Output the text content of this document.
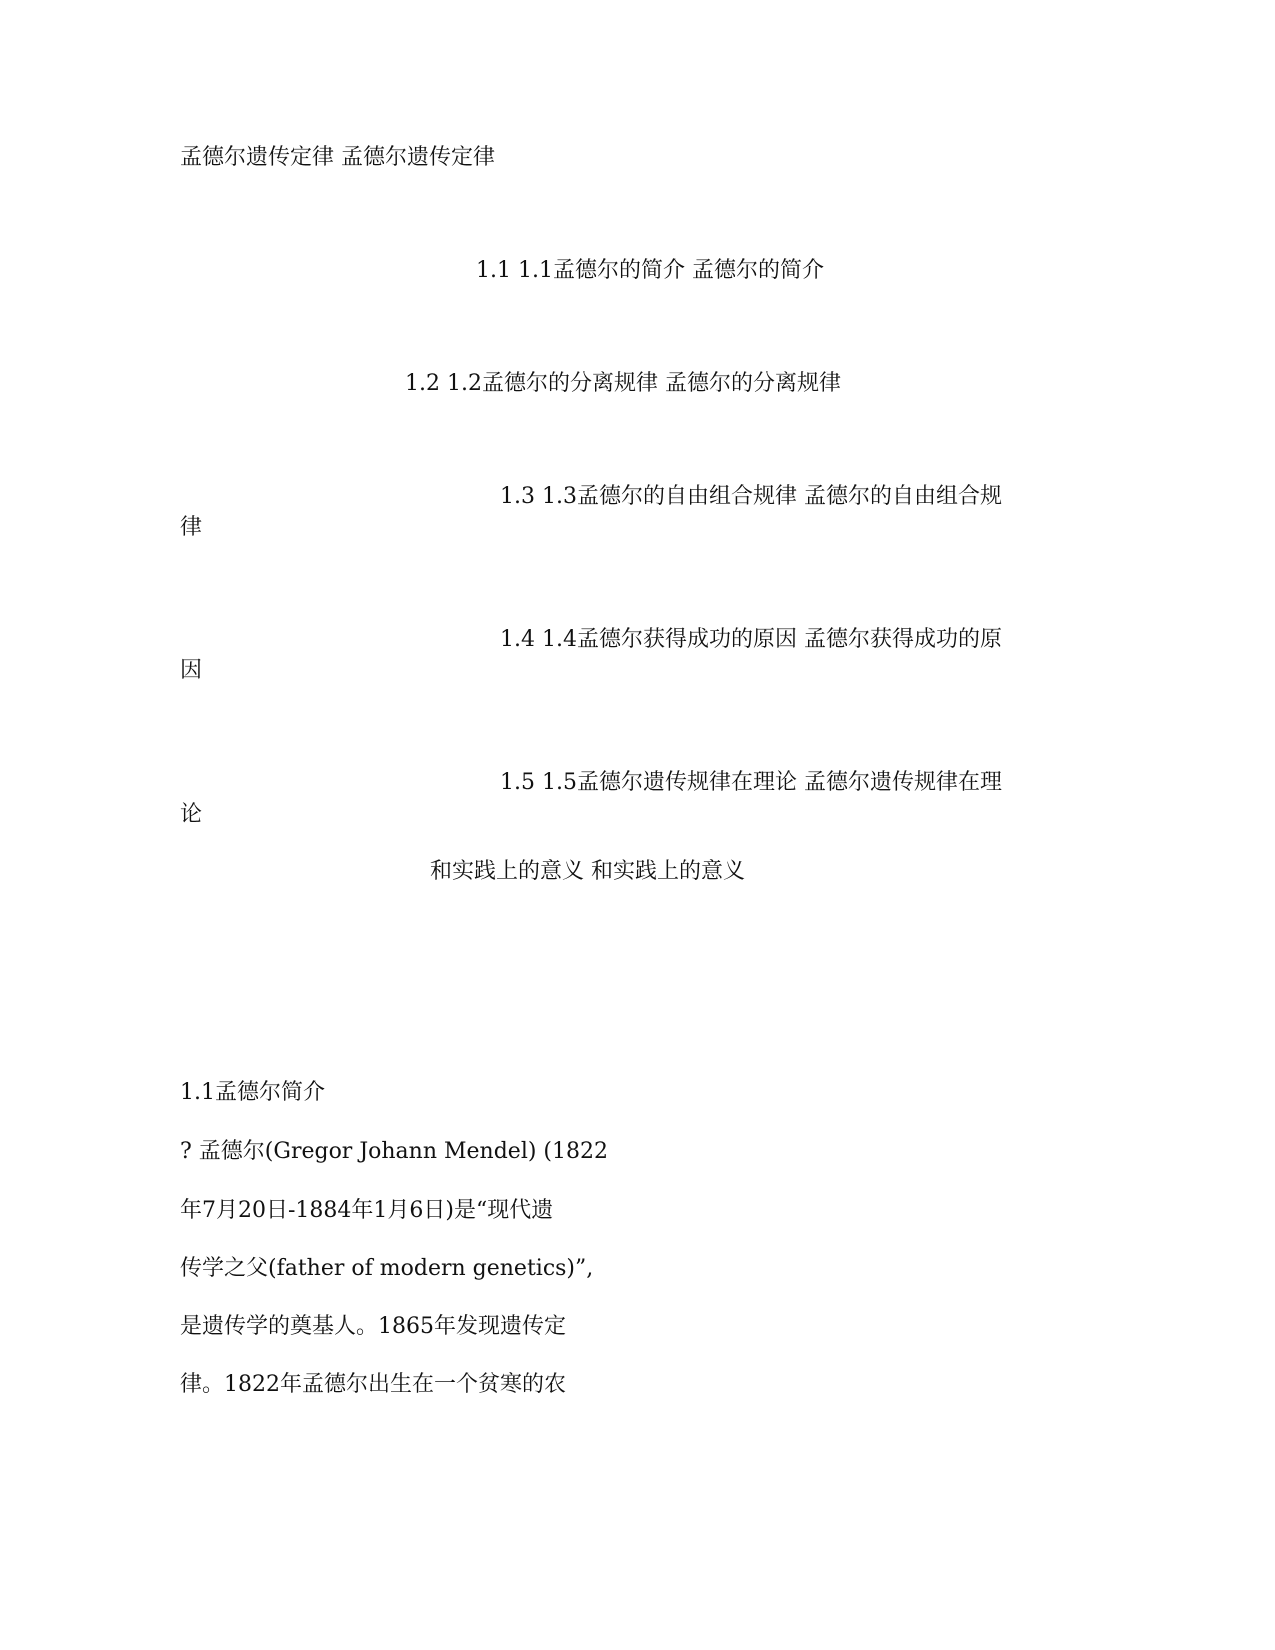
孟德尔遗传定律 孟德尔遗传定律
1.1 1.1孟德尔的简介 孟德尔的简介
1.2 1.2孟德尔的分离规律 孟德尔的分离规律
1.3 1.3孟德尔的自由组合规律 孟德尔的自由组合规
律
1.4 1.4孟德尔获得成功的原因 孟德尔获得成功的原
因
1.5 1.5孟德尔遗传规律在理论 孟德尔遗传规律在理
论
和实践上的意义 和实践上的意义
1.1孟德尔简介
? 孟德尔(Gregor Johann Mendel) (1822
年7月20日-1884年1月6日)是“现代遗
传学之父(father of modern genetics)”,
是遗传学的奠基人。1865年发现遗传定
律。1822年孟德尔出生在一个贫寒的农
